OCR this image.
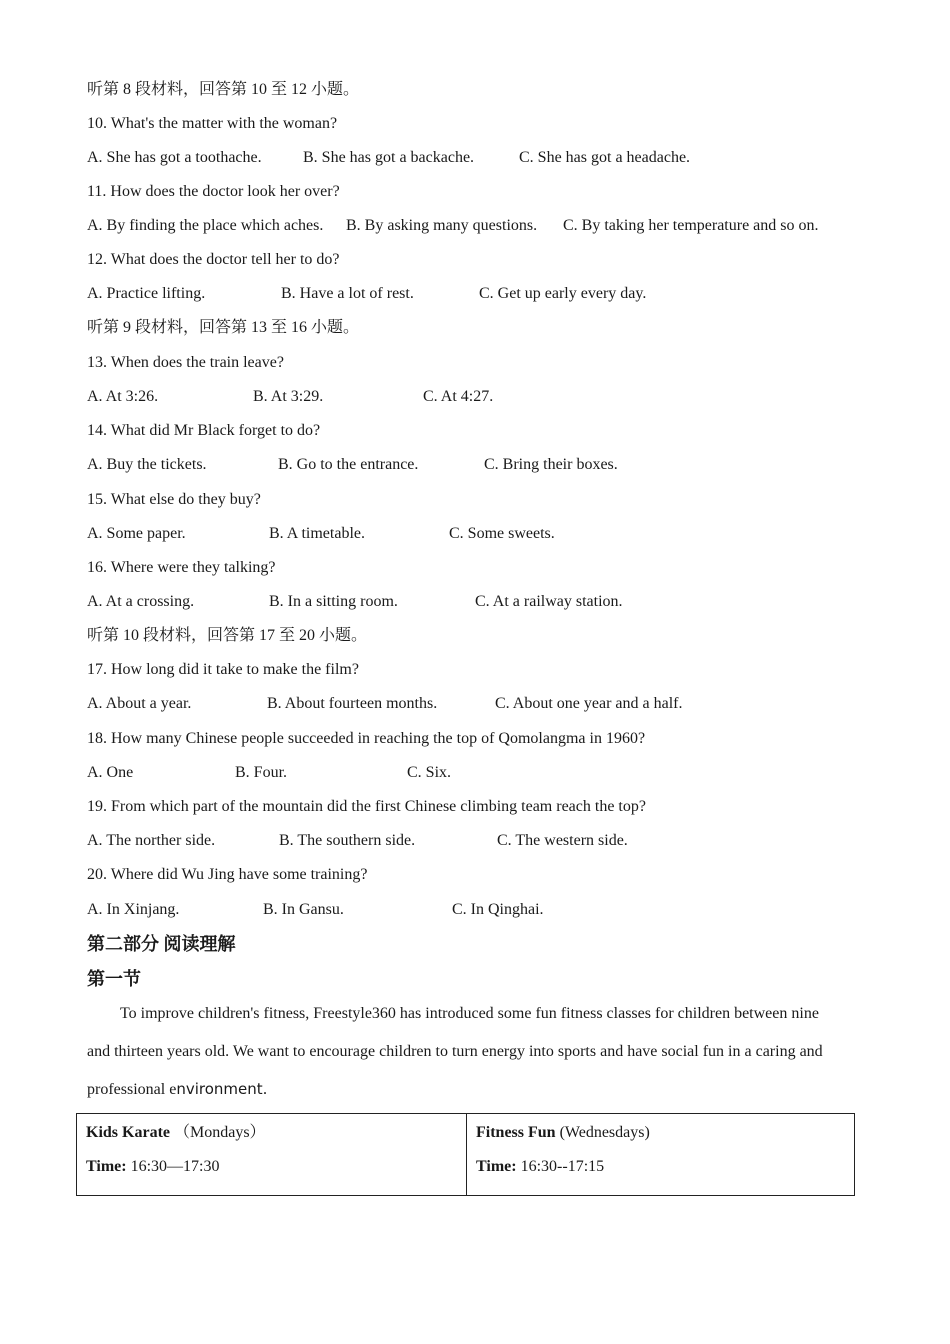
听第 8 段材料，回答第 10 至 12 小题。
10. What's the matter with the woman?
A. She has got a toothache.	B. She has got a backache.	C. She has got a headache.
11. How does the doctor look her over?
A. By finding the place which aches. B. By asking many questions. C. By taking her temperature and so on.
12. What does the doctor tell her to do?
A. Practice lifting.	B. Have a lot of rest.	C. Get up early every day.
听第 9 段材料，回答第 13 至 16 小题。
13. When does the train leave?
A. At 3:26.	B. At 3:29.	C. At 4:27.
14. What did Mr Black forget to do?
A. Buy the tickets.	B. Go to the entrance.	C. Bring their boxes.
15. What else do they buy?
A. Some paper.	B. A timetable.	C. Some sweets.
16. Where were they talking?
A. At a crossing.	B. In a sitting room.	C. At a railway station.
听第 10 段材料，回答第 17 至 20 小题。
17. How long did it take to make the film?
A. About a year.	B. About fourteen months.	C. About one year and a half.
18. How many Chinese people succeeded in reaching the top of Qomolangma in 1960?
A. One	B. Four.	C. Six.
19. From which part of the mountain did the first Chinese climbing team reach the top?
A. The norther side.	B. The southern side.	C. The western side.
20. Where did Wu Jing have some training?
A. In Xinjang.	B. In Gansu.	C. In Qinghai.
第二部分 阅读理解
第一节
To improve children's fitness, Freestyle360 has introduced some fun fitness classes for children between nine
and thirteen years old. We want to encourage children to turn energy into sports and have social fun in a caring and
professional environment.
Kids Karate （Mondays）
Time: 16:30—17:30
Fitness Fun (Wednesdays)
Time: 16:30--17:15
